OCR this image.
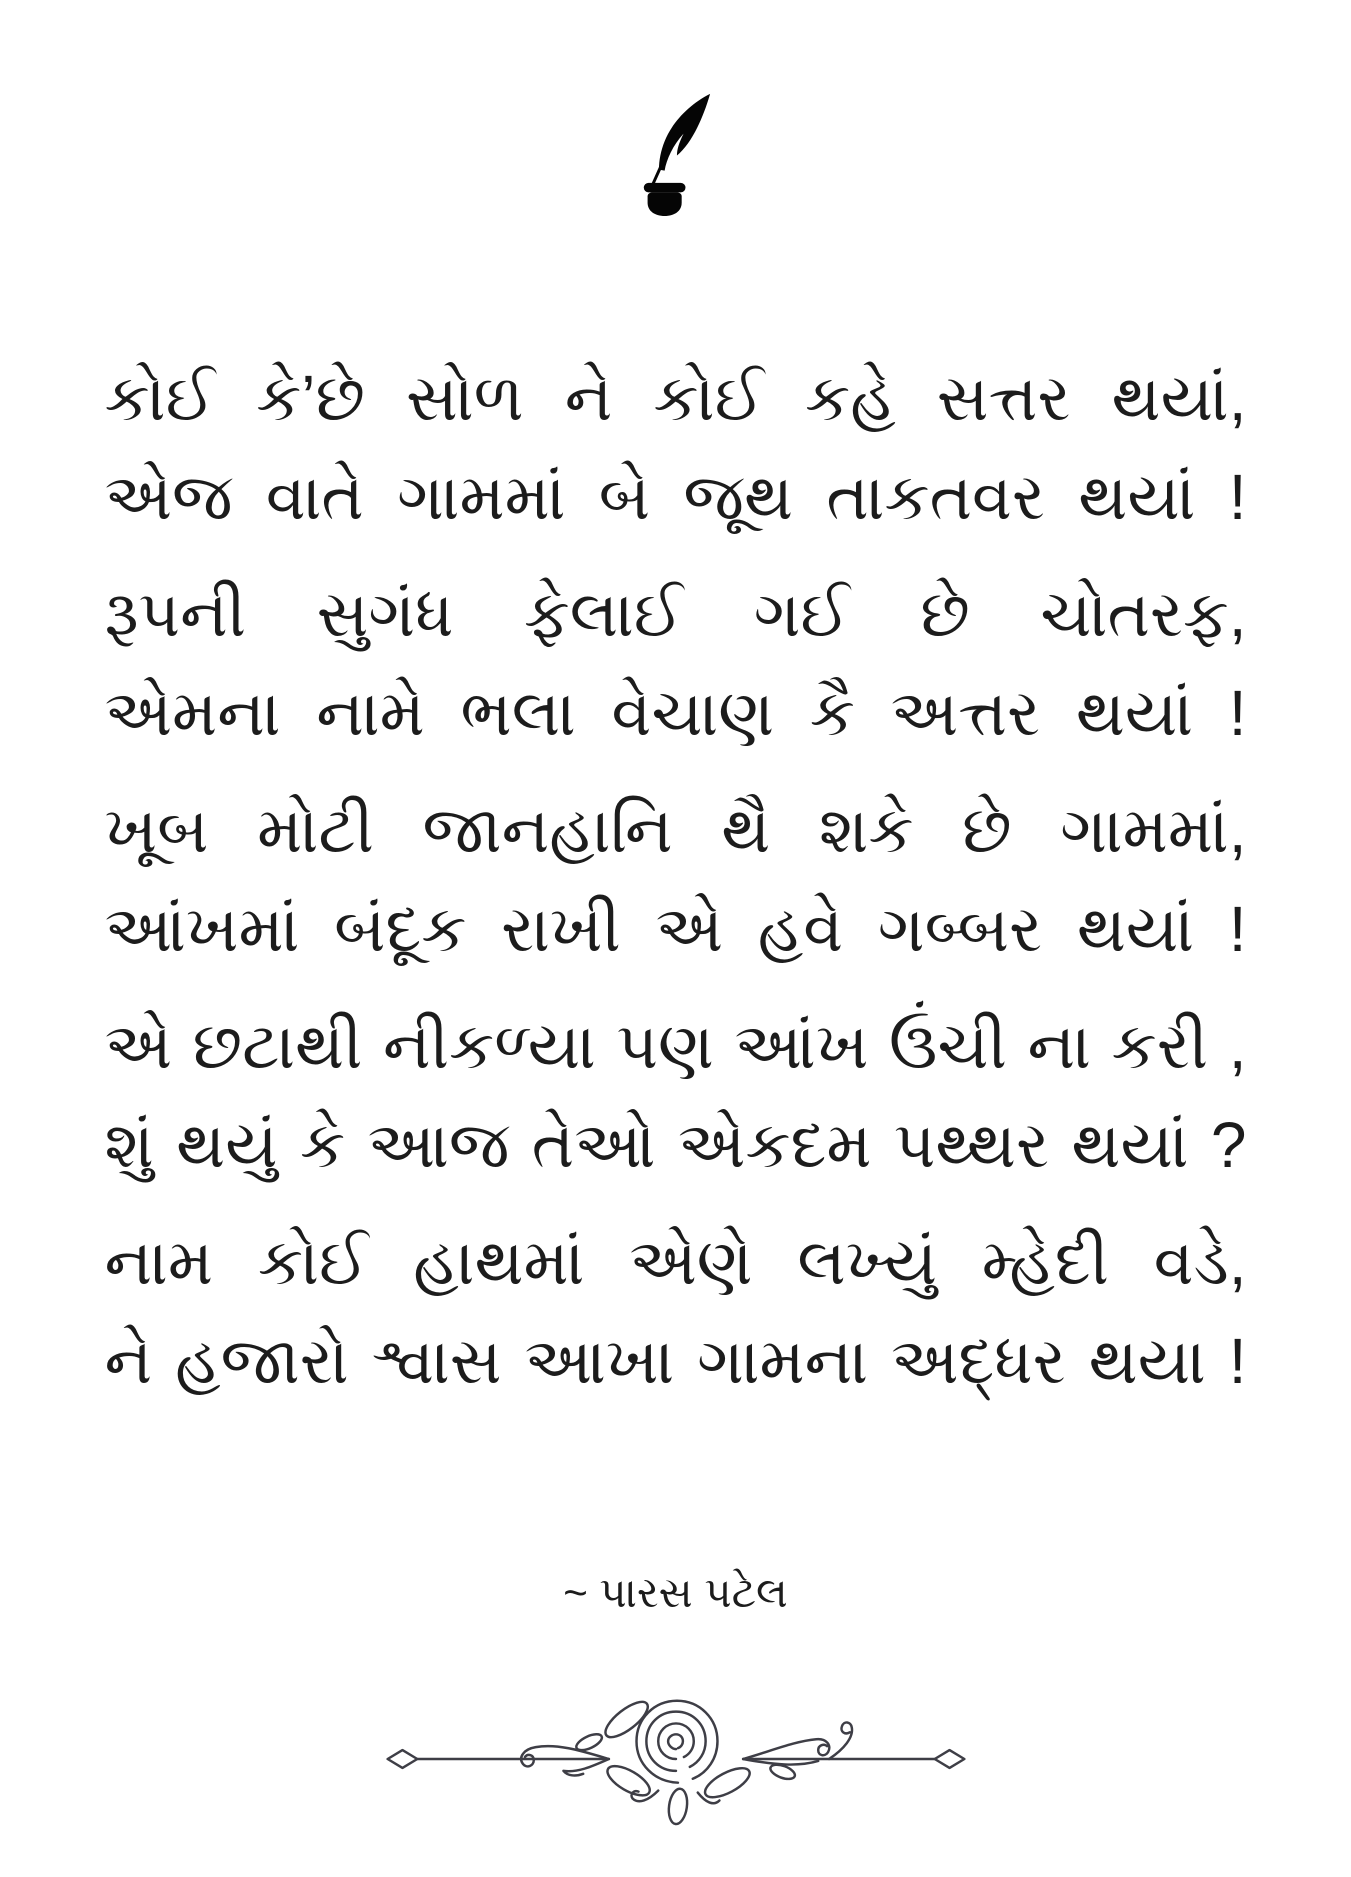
કોઈ કે’છે સોળ ને કોઈ કહે સત્તર થયાં,
એજ વાતે ગામમાં બે જૂથ તાકતવર થયાં !
રૂપની સુગંધ ફેલાઈ ગઈ છે ચોતરફ,
એમના નામે ભલા વેચાણ કૈ અત્તર થયાં !
ખૂબ મોટી જાનહાનિ થૈ શકે છે ગામમાં,
આંખમાં બંદૂક રાખી એ હવે ગબ્બર થયાં !
એ છટાથી નીકળ્યા પણ આંખ ઉંચી ના કરી ,
શું થયું કે આજ તેઓ એકદમ પથ્થર થયાં ?
નામ કોઈ હાથમાં એણે લખ્યું મ્હેદી વડે,
ને હજારો શ્વાસ આખા ગામના અદ્ધર થયા !
~ પારસ પટેલ
